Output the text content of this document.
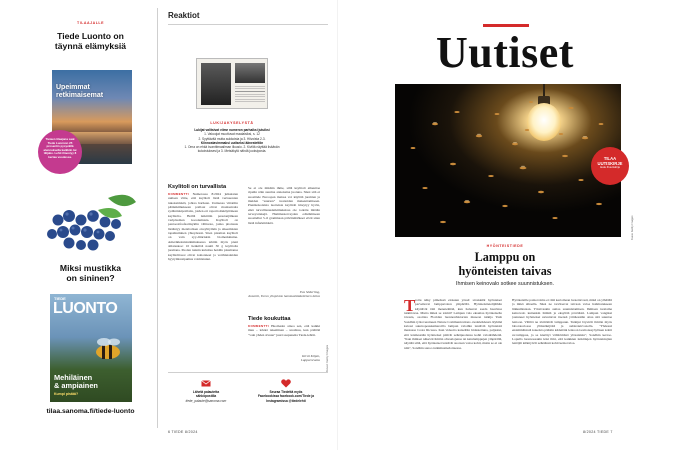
TILAAJALLE
Tiede Luonto on
täynnä elämyksiä
Upeimmat
retkimaisemat
Tieteen tilaajana saat Tiede Luonnon 25 prosentin pysyvällä alennuksella kaikkiin tai tilijako. Lehti ilmestyy 8 kertaa vuodessa.
Miksi mustikka
on sininen?
TIEDE
LUONTO
Mehiläinen
& ampiainen
Kumpi pistää?
tilaa.sanoma.fi/tiede-luonto
Reaktiot
LUKIJAKYSELYSTÄ
Lukijat valitsivat viime numeron parhaiksi jutuiksi
1. Vakoojat muuttuvat maalaisiksi, s. 12
2. Syyttävää mutta aukkoista ja 3. Hiivoista 2-3.
Kiinnostavimmaksi uutiseksi äänestettiin
1. Oma on ehkä kvanttimaailman illuusio. 2. Kiviltä näyttää lisäävän
kukoistuksesi ja 3. Metsäkylä nähdä juoksiposta.
Ksylitoli on turvallista
KOMMENTTI Numerossa 8/2024 julkaistun uutisen väite, että ksylitoli lisää verisuonten tukoksiriskiä, johtaa harhaan. Uutisessa viitattiin päätutkimukseen potilaat olivat monisairaita sydänriskipotilaita, joiden eri raporttoitukäyttäneen ksylitolia. Heillä tutkittiin paastonjälkeen veriplasman koostumusta. Ksylitoli on pentoosifosfaattisyklin välituote, jonka pitoisuus lisääntyy metabolisen oireyhtymän ja sikeemisten tapahtuminen yhteydessä. Siten plasman ksylitoli on vain syy-dänriskin biomerkkiaine. Amerikkalaistutkimuksessa tehtiin myös pieni altistuskoe: 10 henkilöä nautti 30 g ksylitolia juomana. Puolen tunnin kuluttua heidän plasmansa ksylitolitasot olivat kohonneet ja verihiutaleiden hyytymistaipumus voimistunut.
Se ei ole mikään ihme, sillä ksylitoli aiheuttaa ripulin näin suurina annoksina juotuna. Siksi sitä ei suosittele Euroopan maissa voi käyttää juomien ja muiden "suurten" tuotteiden makeuttamiseen. Pienikokoisista tuotteista ksylitoli imeytyy hyvin, eikä turvallisuustutkimuksissa ole todettu mitään terveysriskejä. Hammasterveyden edistämiseen suositellut 5–6 grammaan päivänmäökset eivät siten lisää infarktiriskiä.
Eva Söderling,
dosentti, Turun yliopiston hammaslääketieteen laitos
Tiede koukuttaa
KOMMENTTI Huomasin ainoa sen, että kaikki muu – lehdet tekeminen – unohtuu, kun päättää "vain yhden sivuan" juuri saapuneita Tiede-lehtiä.
Kirsti Kilpio,
Lappeenranta
Lähetä palautetta
sähköpostilla
tiede_palaute@sanoma.com
Seuraa Tiedettä myös
Facebookissa facebook.com/Tiede ja
Instagramissa @tiedelehti
Kuvat: Getty Images
6 TIEDE 8/2024
Uutiset
TILAA
UUTISKIRJE
tiede.fi/uutiskirje
Kuva: Getty Images
HYÖNTEISTIEDE
Lamppu on
hyönteisten taivas
Ihmisen keinovalo sotkee suunnistuksen.
T rottu näky pimeässä elokuun yössä: sivekkäät hyönteiset parveilevat lamppuvalon ympärillä. Hyönteistietelijäthän käyttävät tätä menetelmää, kun haluavat saada haavinsa tutkittavaa. Mutta miksi se toimii? Lampun valo eksuttaa hyönteiselle tavasta, osoittaa Floridan luonnonhistorian museon tutkija Yash Sondhin työtovereineen Nature Communications -tiedelehdessä. Ryhmä kuvasi suurnopeuskameroilla lampun valoihin lentäviä hyönteisiä mestassa Costa Ricassa. Kun videoita katseltiin hidastettuna, paljastui, että lentäessään hyönteiset pitävät selkäpuolensa kohti valonlähdettä. "Kun ihmiset näkevät ilmiön ohvaalojensa tai katulamppujen ympärillä, näyttää siltä, että hyönteiset lentävät suoraan valoa kohti, mutta se ei ole niin", Sondhin sanoo tutkimustiedotteessa.
Hyönteisille painovoima ei riitä kertomaan luotettavasti, mikä on ylhäällä ja mikä alhaalla. Siksi ne tarvitsevat taivaan valoa hahmotukseen liikkumistaan. Yötaivaskin auttaa suunnistamisen. Ihmisen tuottama keinovalo kuitenkin hämää ja eksyttää pörrääsiä. Lampun vangiksi joutuneet hyönteiset uuvuttavat itsensä yrittäessään ottaa sitä suuntaa lentoon. Väliltä ne törmäävät lamppuun. Tutkijat löysivät ilmiön myös laboratoriossa ylläsnäkijöitä ja subkrokirvonolla. "Yhdessä ensimmäisistä kokeista päästin kädettäni lentoon isomonssyöyläsen kohti uv-lamppua, ja se kiertäyi välittömästi ylösalaisin", Sondhin kertoo. Lopulla luonnossakin käsi ilmi, että kaikkien tutkittujen hyönteislajien lentäjät kääntyivät selkäänsä kohti keinovaloa.
8/2024 TIEDE 7
